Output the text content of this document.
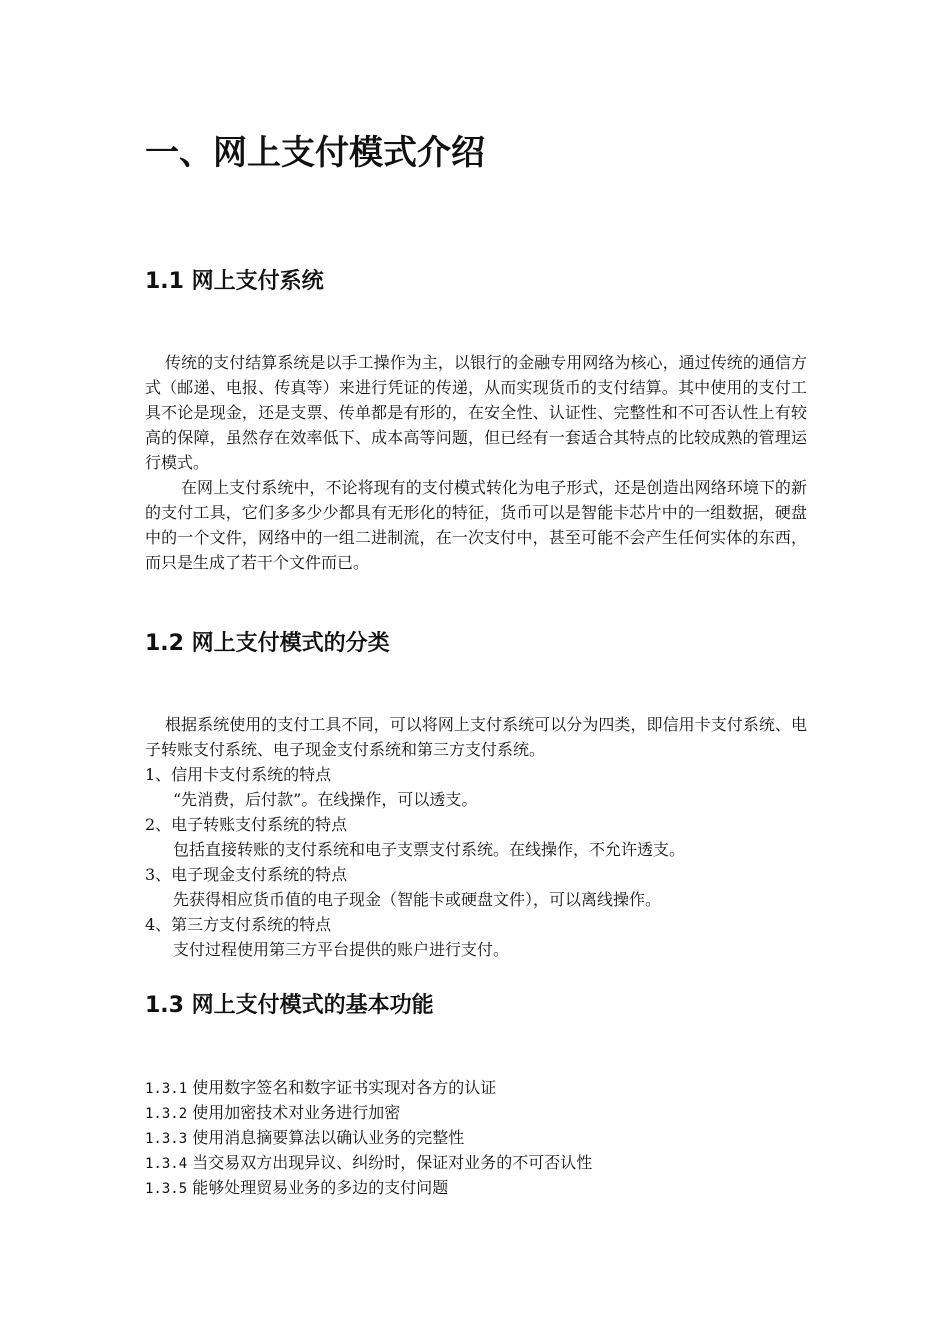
一、网上支付模式介绍
1.1 网上支付系统

传统的支付结算系统是以手工操作为主，以银行的金融专用网络为核心，通过传统的通信方式（邮递、电报、传真等）来进行凭证的传递，从而实现货币的支付结算。其中使用的支付工具不论是现金，还是支票、传单都是有形的，在安全性、认证性、完整性和不可否认性上有较高的保障，虽然存在效率低下、成本高等问题，但已经有一套适合其特点的比较成熟的管理运行模式。

在网上支付系统中，不论将现有的支付模式转化为电子形式，还是创造出网络环境下的新的支付工具，它们多多少少都具有无形化的特征，货币可以是智能卡芯片中的一组数据，硬盘中的一个文件，网络中的一组二进制流，在一次支付中，甚至可能不会产生任何实体的东西，而只是生成了若干个文件而已。

1.2 网上支付模式的分类

根据系统使用的支付工具不同，可以将网上支付系统可以分为四类，即信用卡支付系统、电子转账支付系统、电子现金支付系统和第三方支付系统。

1、信用卡支付系统的特点
“先消费，后付款”。在线操作，可以透支。
2、电子转账支付系统的特点
包括直接转账的支付系统和电子支票支付系统。在线操作，不允许透支。
3、电子现金支付系统的特点
先获得相应货币值的电子现金（智能卡或硬盘文件），可以离线操作。
4、第三方支付系统的特点
支付过程使用第三方平台提供的账户进行支付。
1.3 网上支付模式的基本功能
1.3.1 使用数字签名和数字证书实现对各方的认证
1.3.2 使用加密技术对业务进行加密
1.3.3 使用消息摘要算法以确认业务的完整性
1.3.4 当交易双方出现异议、纠纷时，保证对业务的不可否认性
1.3.5 能够处理贸易业务的多边的支付问题
